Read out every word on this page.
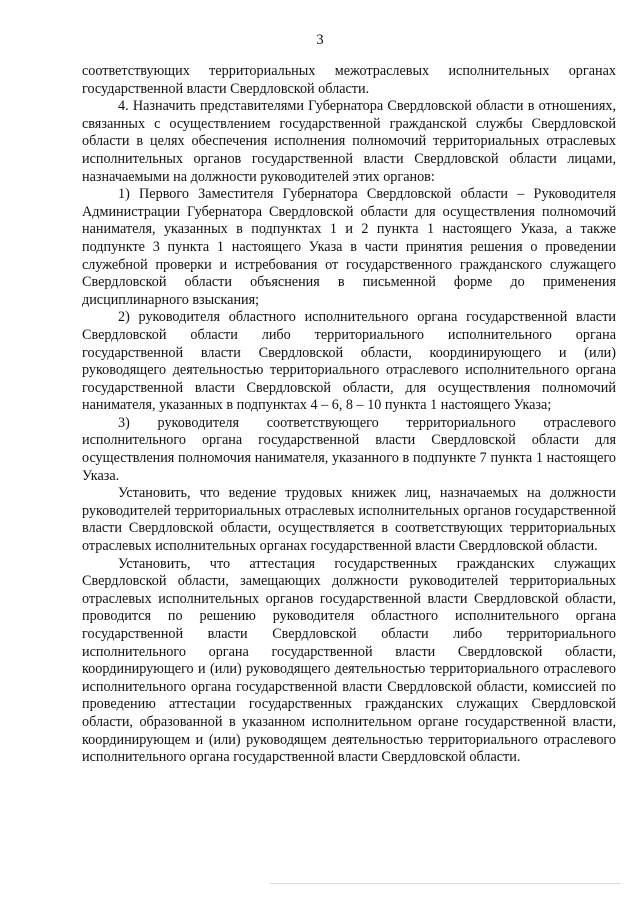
3

соответствующих территориальных межотраслевых исполнительных органах государственной власти Свердловской области.

4. Назначить представителями Губернатора Свердловской области в отношениях, связанных с осуществлением государственной гражданской службы Свердловской области в целях обеспечения исполнения полномочий территориальных отраслевых исполнительных органов государственной власти Свердловской области лицами, назначаемыми на должности руководителей этих органов:

1) Первого Заместителя Губернатора Свердловской области – Руководителя Администрации Губернатора Свердловской области для осуществления полномочий нанимателя, указанных в подпунктах 1 и 2 пункта 1 настоящего Указа, а также подпункте 3 пункта 1 настоящего Указа в части принятия решения о проведении служебной проверки и истребования от государственного гражданского служащего Свердловской области объяснения в письменной форме до применения дисциплинарного взыскания;

2) руководителя областного исполнительного органа государственной власти Свердловской области либо территориального исполнительного органа государственной власти Свердловской области, координирующего и (или) руководящего деятельностью территориального отраслевого исполнительного органа государственной власти Свердловской области, для осуществления полномочий нанимателя, указанных в подпунктах 4 – 6, 8 – 10 пункта 1 настоящего Указа;

3) руководителя соответствующего территориального отраслевого исполнительного органа государственной власти Свердловской области для осуществления полномочия нанимателя, указанного в подпункте 7 пункта 1 настоящего Указа.

Установить, что ведение трудовых книжек лиц, назначаемых на должности руководителей территориальных отраслевых исполнительных органов государственной власти Свердловской области, осуществляется в соответствующих территориальных отраслевых исполнительных органах государственной власти Свердловской области.

Установить, что аттестация государственных гражданских служащих Свердловской области, замещающих должности руководителей территориальных отраслевых исполнительных органов государственной власти Свердловской области, проводится по решению руководителя областного исполнительного органа государственной власти Свердловской области либо территориального исполнительного органа государственной власти Свердловской области, координирующего и (или) руководящего деятельностью территориального отраслевого исполнительного органа государственной власти Свердловской области, комиссией по проведению аттестации государственных гражданских служащих Свердловской области, образованной в указанном исполнительном органе государственной власти, координирующем и (или) руководящем деятельностью территориального отраслевого исполнительного органа государственной власти Свердловской области.
